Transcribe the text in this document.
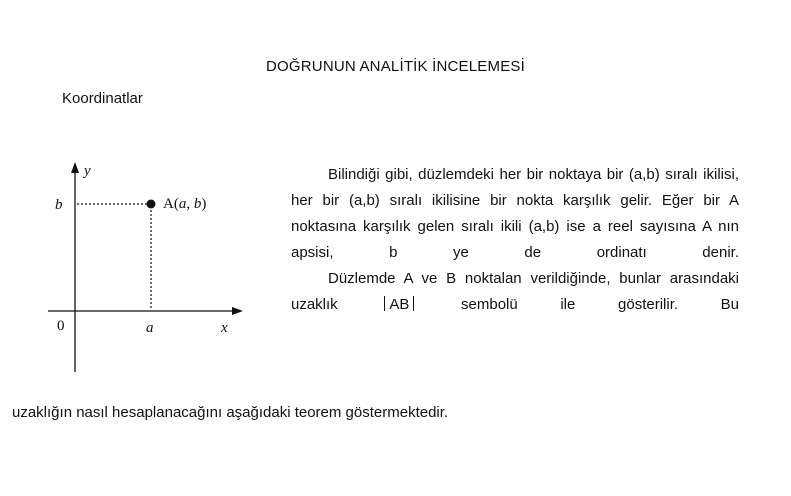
DOĞRUNUN ANALİTİK İNCELEMESİ
Koordinatlar
y
b	A(a, b)
0	a	x

Bilindiği gibi, düzlemdeki her bir noktaya bir (a,b) sıralı ikilisi, her bir (a,b) sıralı ikilisine bir nokta karşılık gelir. Eğer bir A noktasına karşılık gelen sıralı ikili (a,b) ise a reel sayısına A nın apsisi, b ye de ordinatı denir.

Düzlemde A ve B noktalan verildiğinde, bunlar arasındaki uzaklık	AB	sembolü ile gösterilir. Bu

uzaklığın nasıl hesaplanacağını aşağıdaki teorem göstermektedir.
